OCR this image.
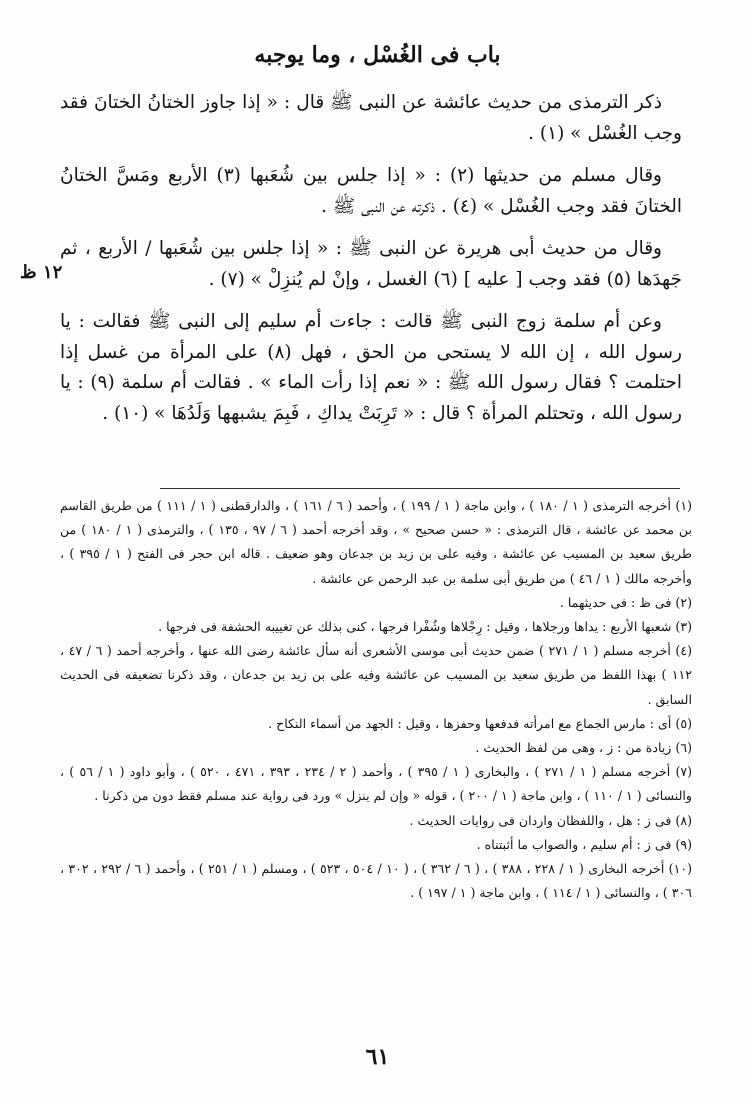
باب فى الغُسْل ، وما يوجبه
١٢ ظ

ذكر الترمذى من حديث عائشة عن النبى ﷺ قال : « إذا جاوز الختانُ الختانَ فقد وجب الغُسْل » (١) .

وقال مسلم من حديثها (٢) : « إذا جلس بين شُعَبها (٣) الأربع ومَسَّ الختانُ الختانَ فقد وجب الغُسْل » (٤) . ذكرته عن النبى ﷺ .

وقال من حديث أبى هريرة عن النبى ﷺ : « إذا جلس بين شُعَبها / الأربع ، ثم جَهدَها (٥) فقد وجب [ عليه ] (٦) الغسل ، وإنْ لم يُنزِلْ » (٧) .

وعن أم سلمة زوج النبى ﷺ قالت : جاءت أم سليم إلى النبى ﷺ فقالت : يا رسول الله ، إن الله لا يستحى من الحق ، فهل (٨) على المرأة من غسل إذا احتلمت ؟ فقال رسول الله ﷺ : « نعم إذا رأت الماء » . فقالت أم سلمة (٩) : يا رسول الله ، وتحتلم المرأة ؟ قال : « تَرِبَتْ يداكِ ، فَبِمَ يشبهها وَلَدُهَا » (١٠) .

(١) أخرجه الترمذى ( ١ / ١٨٠ ) ، وابن ماجة ( ١ / ١٩٩ ) ، وأحمد ( ٦ / ١٦١ ) ، والدارقطنى ( ١ / ١١١ ) من طريق القاسم بن محمد عن عائشة ، قال الترمذى : « حسن صحيح » ، وقد أخرجه أحمد ( ٦ / ٩٧ ، ١٣٥ ) ، والترمذى ( ١ / ١٨٠ ) من طريق سعيد بن المسيب عن عائشة ، وفيه على بن زيد بن جدعان وهو ضعيف . قاله ابن حجر فى الفتح ( ١ / ٣٩٥ ) ، وأخرجه مالك ( ١ / ٤٦ ) من طريق أبى سلمة بن عبد الرحمن عن عائشة .

(٢) فى ظ : فى حديثهما .

(٣) شعبها الأربع : يداها ورجلاها ، وقيل : رِجْلاها وشُفْرا فرجها ، كنى بذلك عن تغييبه الحشفة فى فرجها .

(٤) أخرجه مسلم ( ١ / ٢٧١ ) ضمن حديث أبى موسى الأشعرى أنه سأل عائشة رضى الله عنها ، وأخرجه أحمد ( ٦ / ٤٧ ، ١١٢ ) بهذا اللفظ من طريق سعيد بن المسيب عن عائشة وفيه على بن زيد بن جدعان ، وقد ذكرنا تضعيفه فى الحديث السابق .

(٥) أى : مارس الجماع مع امرأته فدفعها وحفزها ، وقيل : الجهد من أسماء النكاح .

(٦) زيادة من : ز ، وهى من لفظ الحديث .

(٧) أخرجه مسلم ( ١ / ٢٧١ ) ، والبخارى ( ١ / ٣٩٥ ) ، وأحمد ( ٢ / ٢٣٤ ، ٣٩٣ ، ٤٧١ ، ٥٢٠ ) ، وأبو داود ( ١ / ٥٦ ) ، والنسائى ( ١ / ١١٠ ) ، وابن ماجة ( ١ / ٢٠٠ ) ، قوله « وإن لم ينزل » ورد فى رواية عند مسلم فقط دون من ذكرنا .

(٨) فى ز : هل ، واللفظان واردان فى روايات الحديث .

(٩) فى ز : أم سليم ، والصواب ما أثبتناه .

(١٠) أخرجه البخارى ( ١ / ٢٢٨ ، ٣٨٨ ) ، ( ٦ / ٣٦٢ ) ، ( ١٠ / ٥٠٤ ، ٥٢٣ ) ، ومسلم ( ١ / ٢٥١ ) ، وأحمد ( ٦ / ٢٩٢ ، ٣٠٢ ، ٣٠٦ ) ، والنسائى ( ١ / ١١٤ ) ، وابن ماجة ( ١ / ١٩٧ ) .

٦١
